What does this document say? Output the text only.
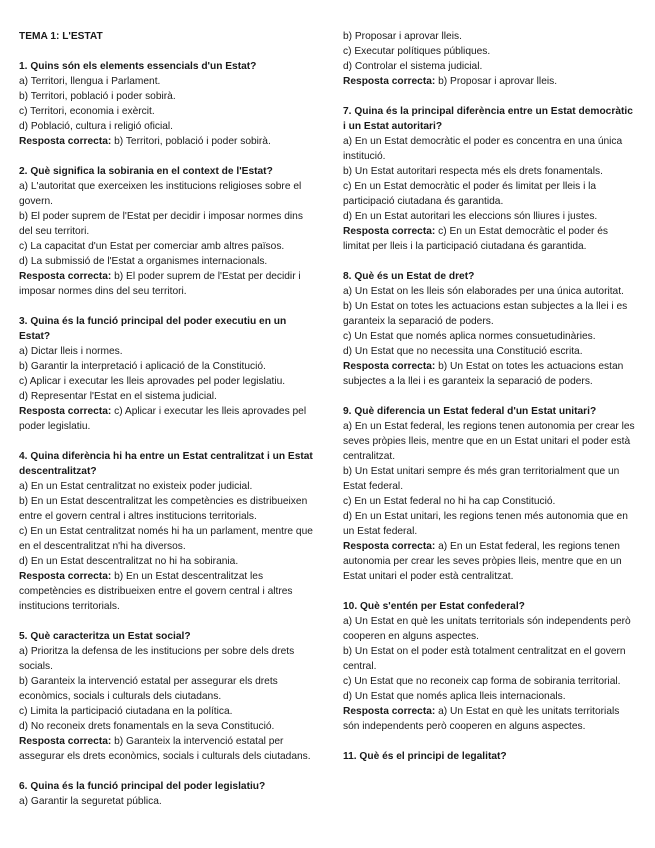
TEMA 1: L'ESTAT
1. Quins són els elements essencials d'un Estat?
a) Territori, llengua i Parlament.
b) Territori, població i poder sobirà.
c) Territori, economia i exèrcit.
d) Població, cultura i religió oficial.
Resposta correcta: b) Territori, població i poder sobirà.
2. Què significa la sobirania en el context de l'Estat?
a) L'autoritat que exerceixen les institucions religioses sobre el govern.
b) El poder suprem de l'Estat per decidir i imposar normes dins del seu territori.
c) La capacitat d'un Estat per comerciar amb altres països.
d) La submissió de l'Estat a organismes internacionals.
Resposta correcta: b) El poder suprem de l'Estat per decidir i imposar normes dins del seu territori.
3. Quina és la funció principal del poder executiu en un Estat?
a) Dictar lleis i normes.
b) Garantir la interpretació i aplicació de la Constitució.
c) Aplicar i executar les lleis aprovades pel poder legislatiu.
d) Representar l'Estat en el sistema judicial.
Resposta correcta: c) Aplicar i executar les lleis aprovades pel poder legislatiu.
4. Quina diferència hi ha entre un Estat centralitzat i un Estat descentralitzat?
a) En un Estat centralitzat no existeix poder judicial.
b) En un Estat descentralitzat les competències es distribueixen entre el govern central i altres institucions territorials.
c) En un Estat centralitzat només hi ha un parlament, mentre que en el descentralitzat n'hi ha diversos.
d) En un Estat descentralitzat no hi ha sobirania.
Resposta correcta: b) En un Estat descentralitzat les competències es distribueixen entre el govern central i altres institucions territorials.
5. Què caracteritza un Estat social?
a) Prioritza la defensa de les institucions per sobre dels drets socials.
b) Garanteix la intervenció estatal per assegurar els drets econòmics, socials i culturals dels ciutadans.
c) Limita la participació ciutadana en la política.
d) No reconeix drets fonamentals en la seva Constitució.
Resposta correcta: b) Garanteix la intervenció estatal per assegurar els drets econòmics, socials i culturals dels ciutadans.
6. Quina és la funció principal del poder legislatiu?
a) Garantir la seguretat pública.
b) Proposar i aprovar lleis.
c) Executar polítiques públiques.
d) Controlar el sistema judicial.
Resposta correcta: b) Proposar i aprovar lleis.
7. Quina és la principal diferència entre un Estat democràtic i un Estat autoritari?
a) En un Estat democràtic el poder es concentra en una única institució.
b) Un Estat autoritari respecta més els drets fonamentals.
c) En un Estat democràtic el poder és limitat per lleis i la participació ciutadana és garantida.
d) En un Estat autoritari les eleccions són lliures i justes.
Resposta correcta: c) En un Estat democràtic el poder és limitat per lleis i la participació ciutadana és garantida.
8. Què és un Estat de dret?
a) Un Estat on les lleis són elaborades per una única autoritat.
b) Un Estat on totes les actuacions estan subjectes a la llei i es garanteix la separació de poders.
c) Un Estat que només aplica normes consuetudinàries.
d) Un Estat que no necessita una Constitució escrita.
Resposta correcta: b) Un Estat on totes les actuacions estan subjectes a la llei i es garanteix la separació de poders.
9. Què diferencia un Estat federal d'un Estat unitari?
a) En un Estat federal, les regions tenen autonomia per crear les seves pròpies lleis, mentre que en un Estat unitari el poder està centralitzat.
b) Un Estat unitari sempre és més gran territorialment que un Estat federal.
c) En un Estat federal no hi ha cap Constitució.
d) En un Estat unitari, les regions tenen més autonomia que en un Estat federal.
Resposta correcta: a) En un Estat federal, les regions tenen autonomia per crear les seves pròpies lleis, mentre que en un Estat unitari el poder està centralitzat.
10. Què s'entén per Estat confederal?
a) Un Estat en què les unitats territorials són independents però cooperen en alguns aspectes.
b) Un Estat on el poder està totalment centralitzat en el govern central.
c) Un Estat que no reconeix cap forma de sobirania territorial.
d) Un Estat que només aplica lleis internacionals.
Resposta correcta: a) Un Estat en què les unitats territorials són independents però cooperen en alguns aspectes.
11. Què és el principi de legalitat?
